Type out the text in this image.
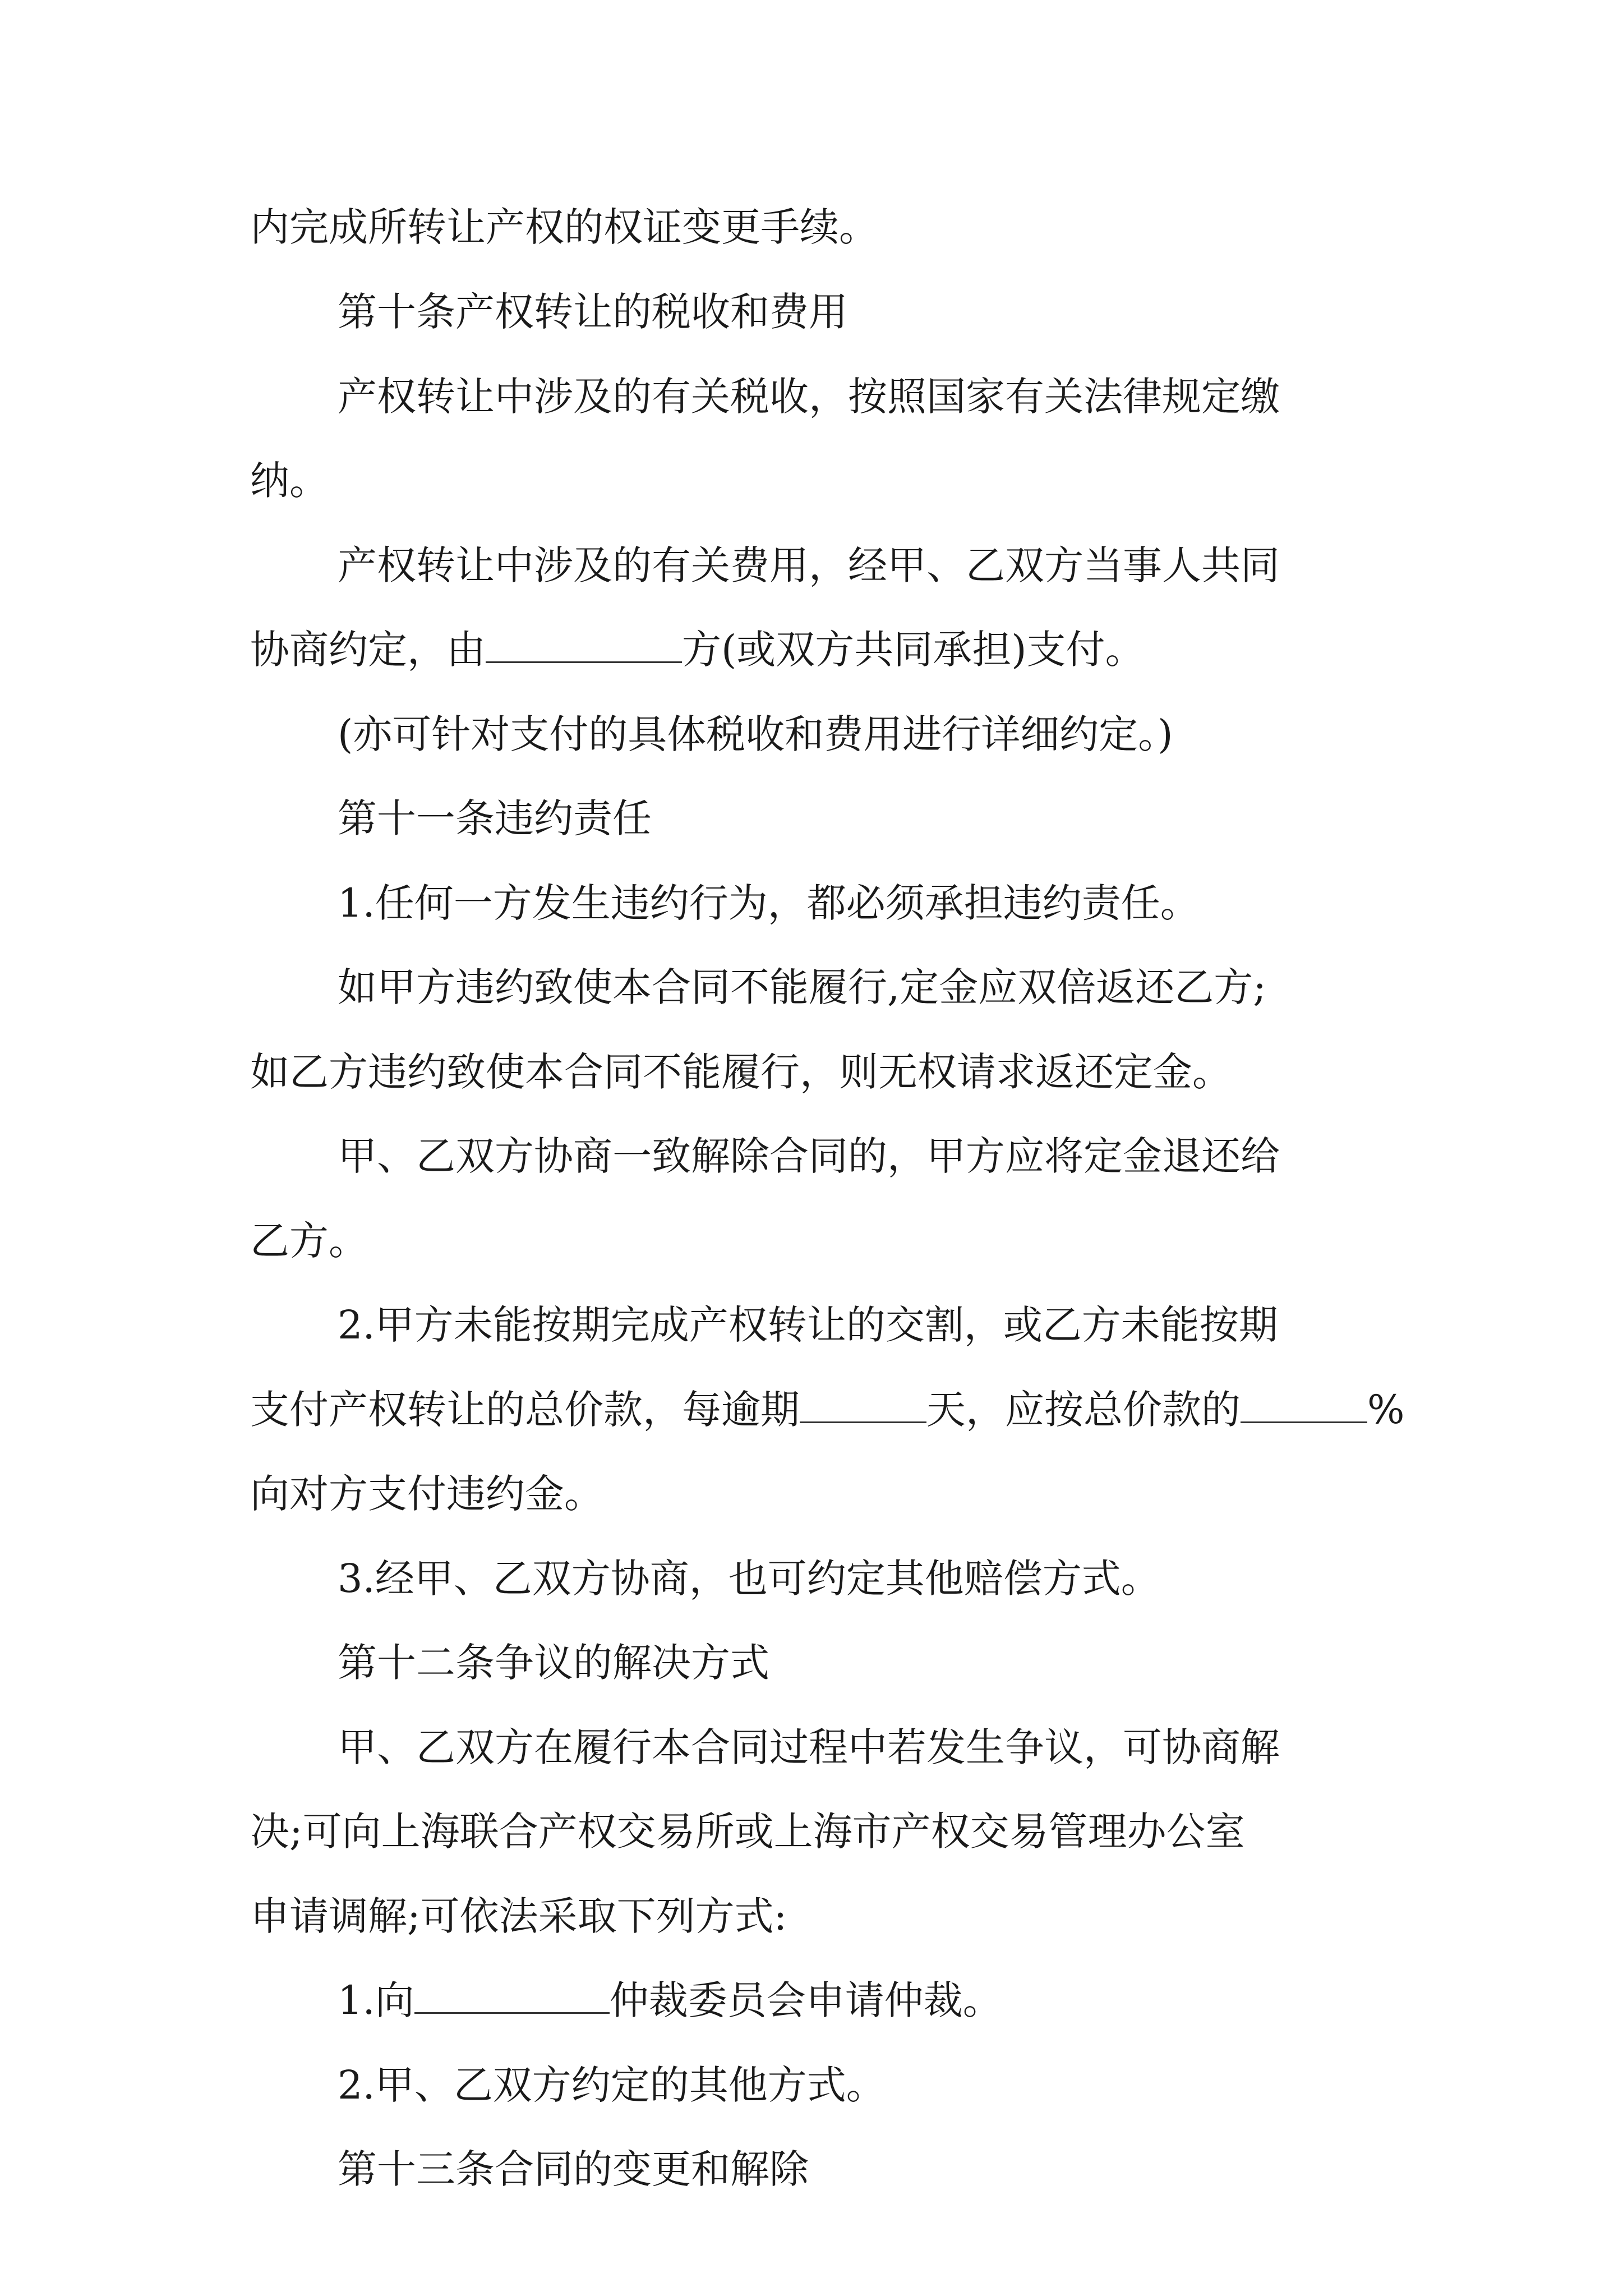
内完成所转让产权的权证变更手续。

第十条产权转让的税收和费用

产权转让中涉及的有关税收，按照国家有关法律规定缴

纳。

产权转让中涉及的有关费用，经甲、乙双方当事人共同

协商约定，由	方(或双方共同承担)支付。

(亦可针对支付的具体税收和费用进行详细约定。)

第十一条违约责任

1.任何一方发生违约行为，都必须承担违约责任。

如甲方违约致使本合同不能履行,定金应双倍返还乙方;

如乙方违约致使本合同不能履行，则无权请求返还定金。

甲、乙双方协商一致解除合同的，甲方应将定金退还给

乙方。

2.甲方未能按期完成产权转让的交割，或乙方未能按期

支付产权转让的总价款，每逾期	天，应按总价款的	%

向对方支付违约金。

3.经甲、乙双方协商，也可约定其他赔偿方式。

第十二条争议的解决方式

甲、乙双方在履行本合同过程中若发生争议，可协商解

决;可向上海联合产权交易所或上海市产权交易管理办公室

申请调解;可依法采取下列方式:

1.向	仲裁委员会申请仲裁。

2.甲、乙双方约定的其他方式。

第十三条合同的变更和解除
